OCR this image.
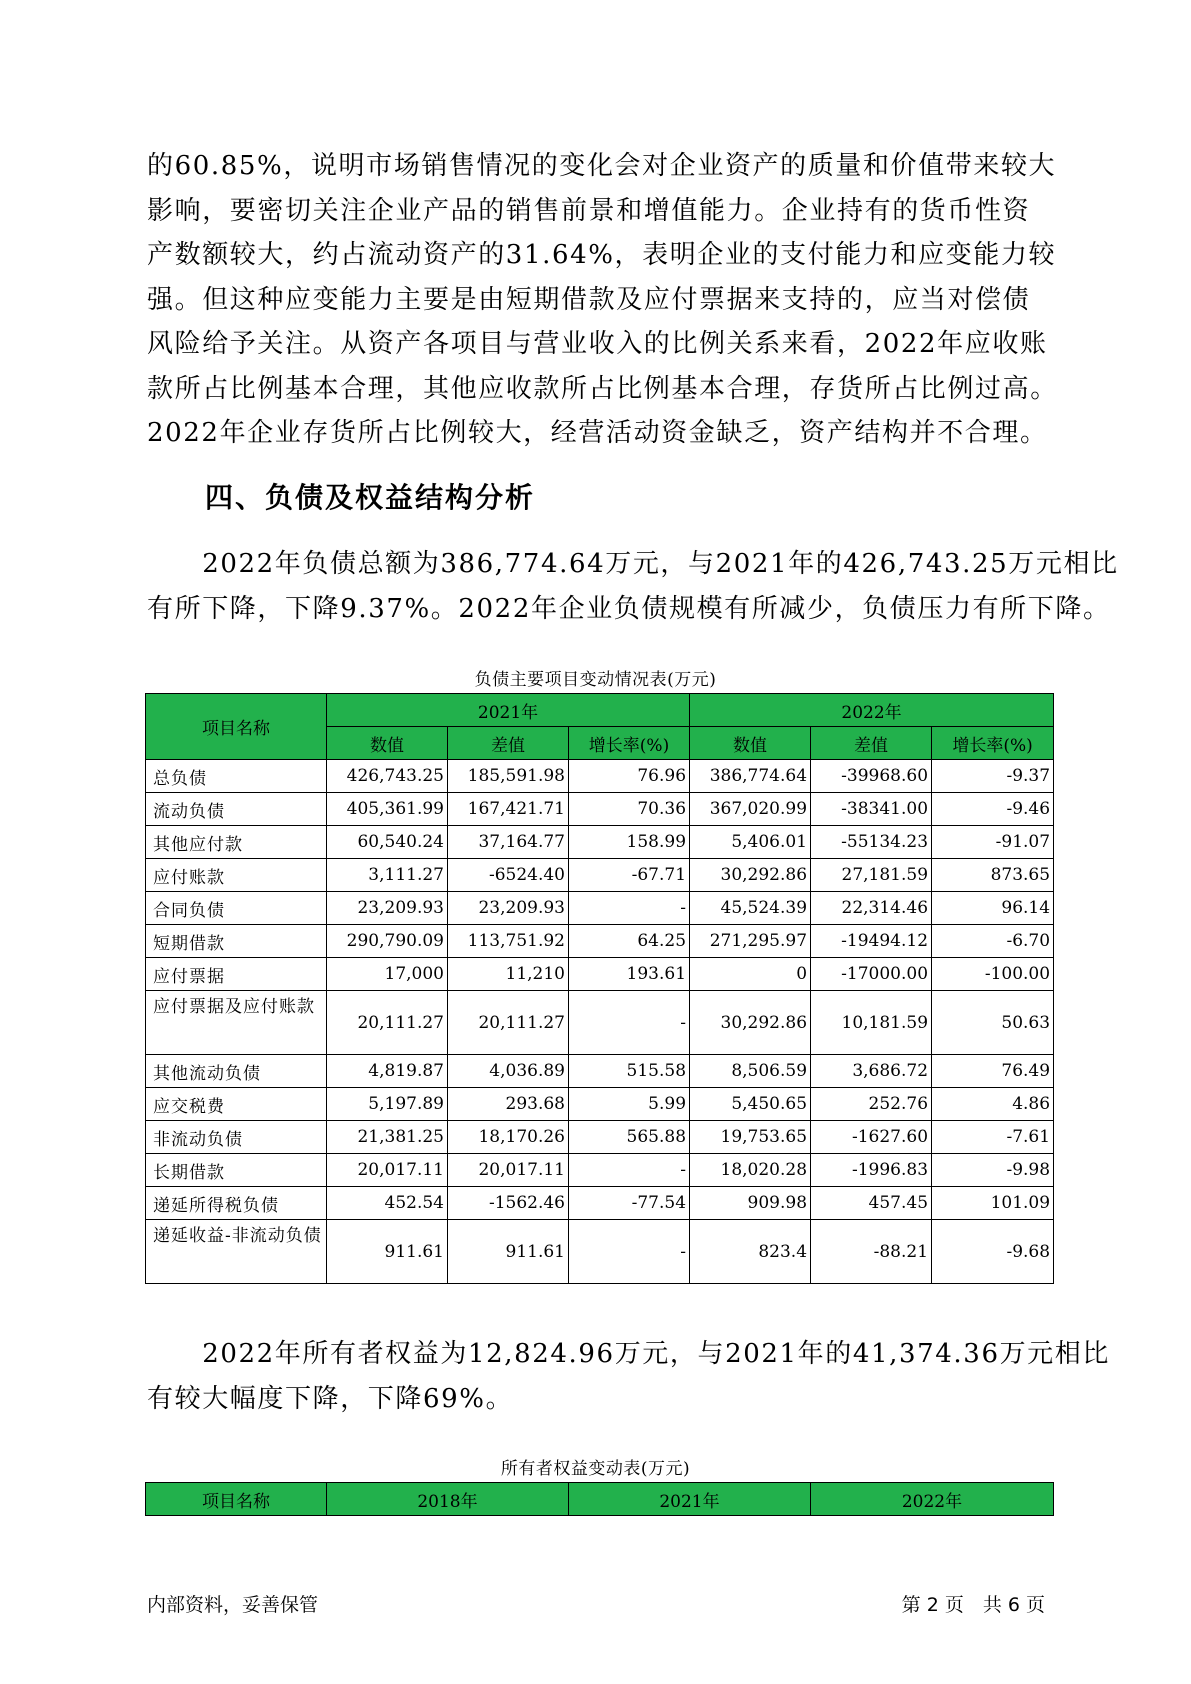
的60.85%，说明市场销售情况的变化会对企业资产的质量和价值带来较大
影响，要密切关注企业产品的销售前景和增值能力。企业持有的货币性资
产数额较大，约占流动资产的31.64%，表明企业的支付能力和应变能力较
强。但这种应变能力主要是由短期借款及应付票据来支持的，应当对偿债
风险给予关注。从资产各项目与营业收入的比例关系来看，2022年应收账
款所占比例基本合理，其他应收款所占比例基本合理，存货所占比例过高。
2022年企业存货所占比例较大，经营活动资金缺乏，资产结构并不合理。
四、负债及权益结构分析
　　2022年负债总额为386,774.64万元，与2021年的426,743.25万元相比
有所下降，下降9.37%。2022年企业负债规模有所减少，负债压力有所下降。
负债主要项目变动情况表(万元)
项目名称	2021年			2022年		
	数值	差值	增长率(%)	数值	差值	增长率(%)
总负债	426,743.25	185,591.98	76.96	386,774.64	-39968.60	-9.37
流动负债	405,361.99	167,421.71	70.36	367,020.99	-38341.00	-9.46
其他应付款	60,540.24	37,164.77	158.99	5,406.01	-55134.23	-91.07
应付账款	3,111.27	-6524.40	-67.71	30,292.86	27,181.59	873.65
合同负债	23,209.93	23,209.93	-	45,524.39	22,314.46	96.14
短期借款	290,790.09	113,751.92	64.25	271,295.97	-19494.12	-6.70
应付票据	17,000	11,210	193.61	0	-17000.00	-100.00
应付票据及应付账款	20,111.27	20,111.27	-	30,292.86	10,181.59	50.63
其他流动负债	4,819.87	4,036.89	515.58	8,506.59	3,686.72	76.49
应交税费	5,197.89	293.68	5.99	5,450.65	252.76	4.86
非流动负债	21,381.25	18,170.26	565.88	19,753.65	-1627.60	-7.61
长期借款	20,017.11	20,017.11	-	18,020.28	-1996.83	-9.98
递延所得税负债	452.54	-1562.46	-77.54	909.98	457.45	101.09
递延收益-非流动负债	911.61	911.61	-	823.4	-88.21	-9.68
　　2022年所有者权益为12,824.96万元，与2021年的41,374.36万元相比
有较大幅度下降，下降69%。
所有者权益变动表(万元)
项目名称	2018年	2021年	2022年
内部资料，妥善保管	第 2 页　共 6 页
